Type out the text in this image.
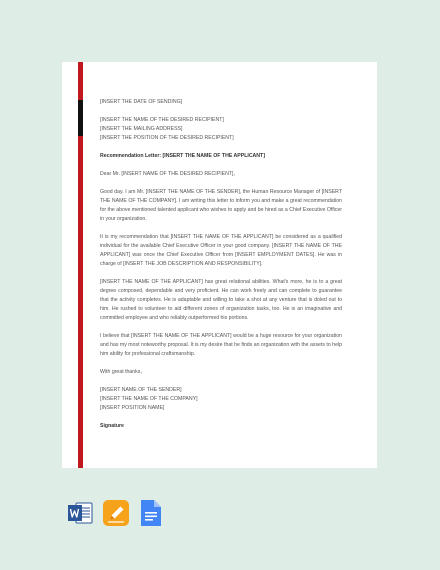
[INSERT THE DATE OF SENDING]

[INSERT THE NAME OF THE DESIRED RECIPIENT]

[INSERT THE MAILING ADDRESS]

[INSERT THE POSITION OF THE DESIRED RECIPIENT]

Recommendation Letter: [INSERT THE NAME OF THE APPLICANT]

Dear Mr. [INSERT NAME OF THE DESIRED RECIPIENT],

Good day. I am Mr. [INSERT THE NAME OF THE SENDER], the Human Resource Manager of [INSERT THE NAME OF THE COMPANY]. I am writing this letter to inform you and make a great recommendation for the above mentioned talented applicant who wishes to apply and be hired as a Chief Executive Officer in your organization.

It is my recommendation that [INSERT THE NAME OF THE APPLICANT] be considered as a qualified individual for the available Chief Executive Officer in your good company. [INSERT THE NAME OF THE APPLICANT] was once the Chief Executive Officer from [INSERT EMPLOYMENT DATES]. He was in charge of [INSERT THE JOB DESCRIPTION AND RESPONSIBILITY].

[INSERT THE NAME OF THE APPLICANT] has great relational abilities. What's more, he is to a great degree composed, dependable and very proficient. He can work freely and can complete to guarantee that the activity completes. He is adaptable and willing to take a shot at any venture that is doled out to him. He rushed to volunteer to aid different zones of organization tasks, too. He is an imaginative and committed employee and who reliably outperformed his portions.

I believe that [INSERT THE NAME OF THE APPLICANT] would be a huge resource for your organization and has my most noteworthy proposal. It is my desire that he finds an organization with the assets to help him ability for professional craftsmanship.

With great thanks,

[INSERT NAME OF THE SENDER]

[INSERT THE NAME OF THE COMPANY]

[INSERT POSITION NAME]

Signature
